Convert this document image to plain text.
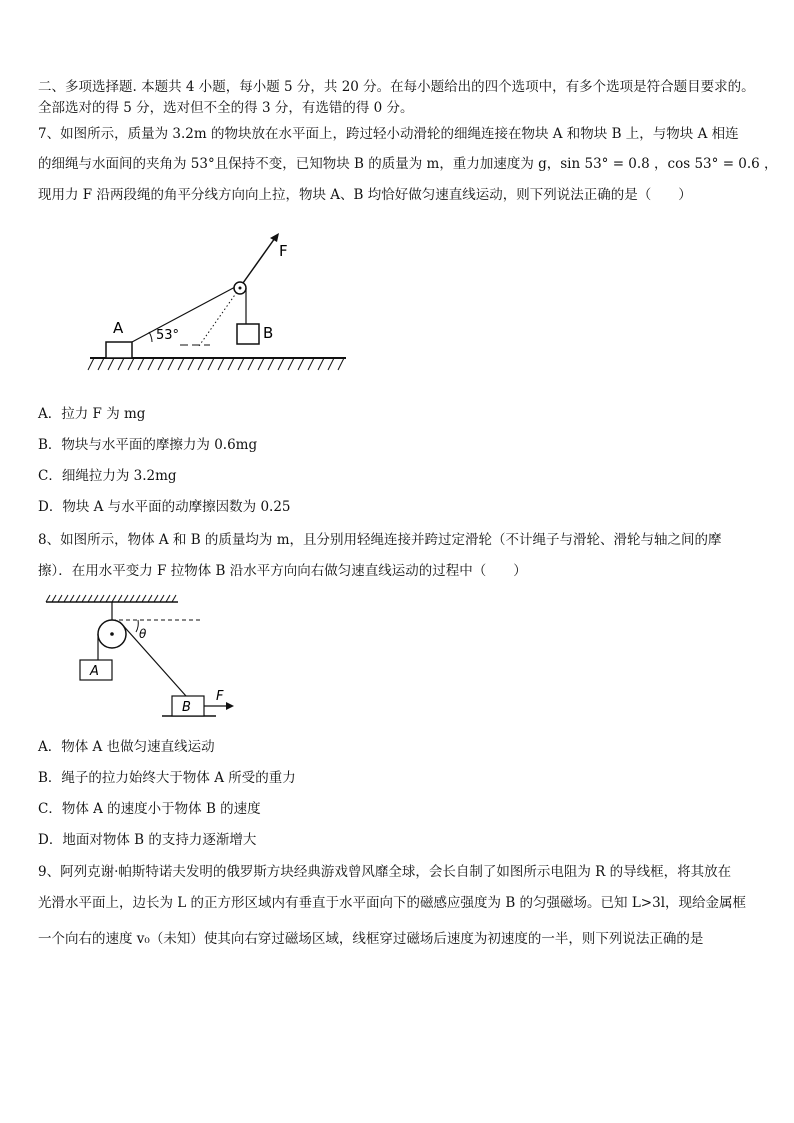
二、多项选择题. 本题共 4 小题，每小题 5 分，共 20 分。在每小题给出的四个选项中，有多个选项是符合题目要求的。
全部选对的得 5 分，选对但不全的得 3 分，有选错的得 0 分。
7、如图所示，质量为 3.2m 的物块放在水平面上，跨过轻小动滑轮的细绳连接在物块 A 和物块 B 上，与物块 A 相连
的细绳与水面间的夹角为 53°且保持不变，已知物块 B 的质量为 m，重力加速度为 g，sin 53° = 0.8 ，cos 53° = 0.6 ，
现用力 F 沿两段绳的角平分线方向向上拉，物块 A、B 均恰好做匀速直线运动，则下列说法正确的是（　　）
A	53°	B
F
A．拉力 F 为 mg
B．物块与水平面的摩擦力为 0.6mg
C．细绳拉力为 3.2mg
D．物块 A 与水平面的动摩擦因数为 0.25
8、如图所示，物体 A 和 B 的质量均为 m，且分别用轻绳连接并跨过定滑轮（不计绳子与滑轮、滑轮与轴之间的摩
擦）．在用水平变力 F 拉物体 B 沿水平方向向右做匀速直线运动的过程中（　　）
θ
A
B
F
A．物体 A 也做匀速直线运动
B．绳子的拉力始终大于物体 A 所受的重力
C．物体 A 的速度小于物体 B 的速度
D．地面对物体 B 的支持力逐渐增大
9、阿列克谢·帕斯特诺夫发明的俄罗斯方块经典游戏曾风靡全球，会长自制了如图所示电阻为 R 的导线框，将其放在
光滑水平面上，边长为 L 的正方形区域内有垂直于水平面向下的磁感应强度为 B 的匀强磁场。已知 L>3l，现给金属框
一个向右的速度 v₀（未知）使其向右穿过磁场区域，线框穿过磁场后速度为初速度的一半，则下列说法正确的是
